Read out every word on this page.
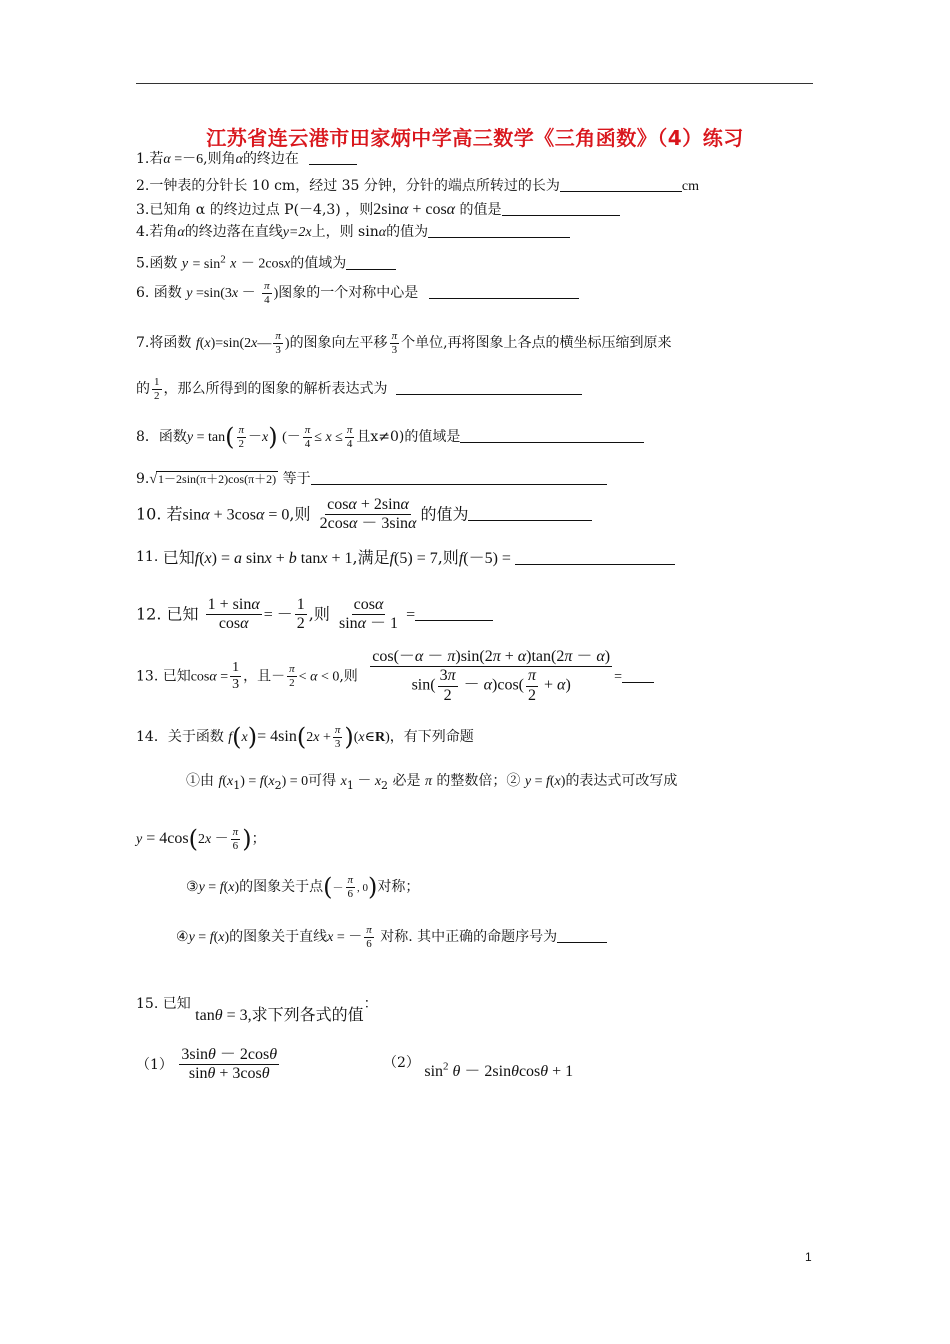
江苏省连云港市田家炳中学高三数学《三角函数》（4）练习
1.若α =－6,则角α的终边在
2.一钟表的分针长 10 cm，经过 35 分钟，分针的端点所转过的长为	cm
3.已知角 α 的终边过点 P(－4,3) ，则2sinα + cosα 的值是
4.若角α的终边落在直线y=2x上，则 sinα的值为
5.函数 $y = \sin^2 x - 2\cos x$的值域为
6. 函数 $y =\sin(3x - \frac{\pi}{4}$ )图象的一个对称中心是
7.将函数 f(x)=sin(2x— $\frac{\pi}{3}$ )的图象向左平移 $\frac{\pi}{3}$ 个单位,再将图象上各点的横坐标压缩到原来
的 $\frac{1}{2}$ ，那么所得到的图象的解析表达式为
8．函数$y = \tan( \frac{\pi}{2} -x)$ (－ $\frac{\pi}{4} \le x \le \frac{\pi}{4}$ 且x≠0)的值域是
9.√1－2sin(π＋2)cos(π＋2) 等于
10. 若sinα + 3cosα = 0,则 $\frac{\cos\alpha + 2\sin\alpha}{2\cos\alpha - 3\sin\alpha}$ 的值为
11. 已知f(x) = a sinx + b tanx + 1,满足f(5) = 7,则f(－5) =
12. 已知 $\frac{1 + \sin\alpha}{\cos\alpha}$ = － $\frac{1}{2}$ ,则 $\frac{\cos\alpha}{\sin\alpha - 1}$ =
13. 已知$\cos\alpha = \frac{1}{3}$ ，且－ $\frac{\pi}{2} < \alpha < 0$,则 $\frac{\cos(-\alpha - \pi)\sin(2\pi + \alpha)\tan(2\pi - \alpha)}{\sin( \frac{3\pi}{2} - \alpha)\cos( \frac{\pi}{2} + \alpha)}$ =
14．关于函数 $f(x)= 4\sin(2x + \frac{\pi}{3}$ )(x∈R)，有下列命题
①由 $f(x_1) = f(x_2) = 0$可得 $x_1 - x_2$ 必是 π 的整数倍；② y = f(x)的表达式可改写成
$y = 4\cos(2x - \frac{\pi}{6}$ )；
③y = f(x)的图象关于点(－ $\frac{\pi}{6}$ , 0)对称；
④y = f(x)的图象关于直线x = － $\frac{\pi}{6}$ 对称. 其中正确的命题序号为
15. 已知 tanθ = 3,求下列各式的值：
$(1) \frac{3\sin\theta - 2\cos\theta}{\sin\theta + 3\cos\theta}$	（2） $\sin^2 \theta - 2\sin\theta\cos\theta + 1$
1
